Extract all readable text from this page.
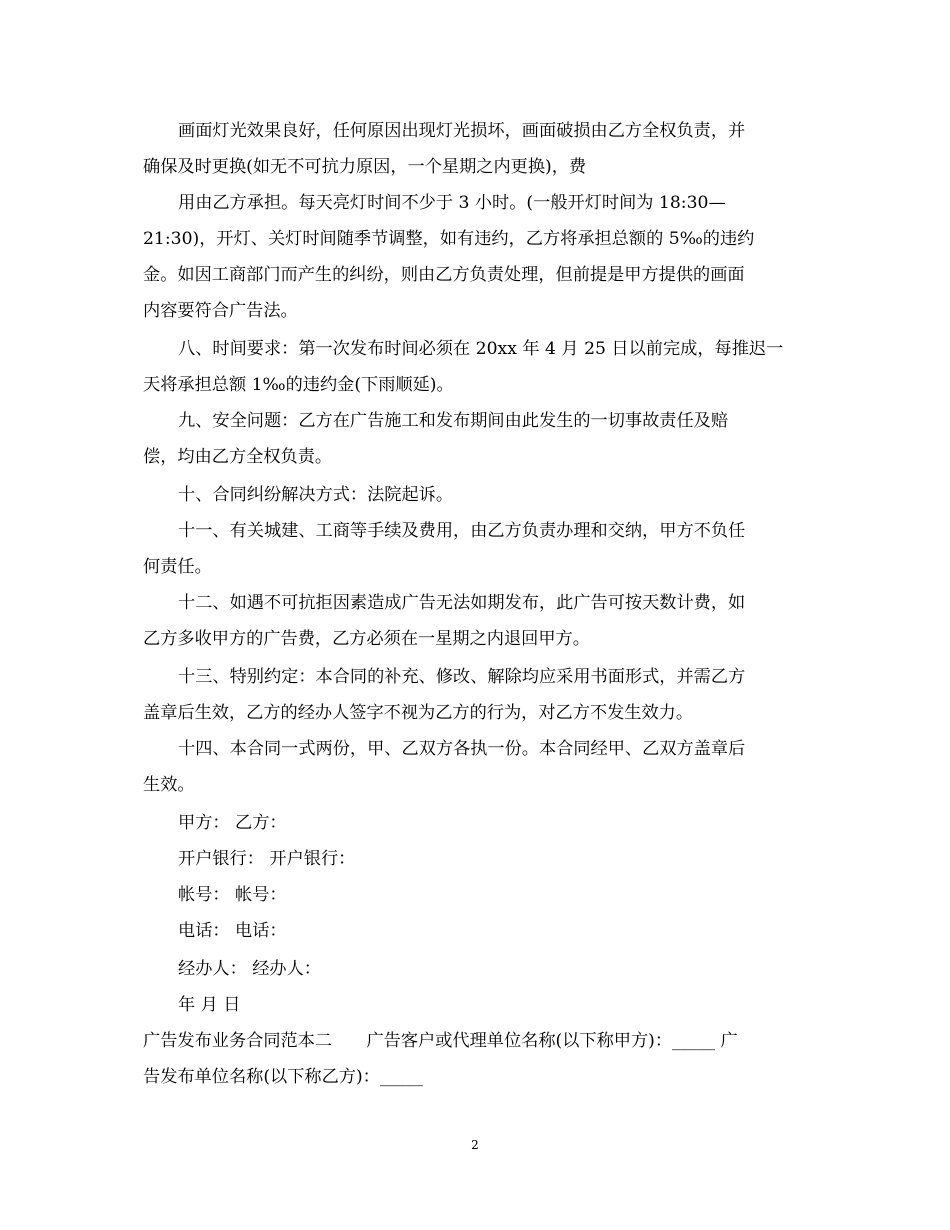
画面灯光效果良好，任何原因出现灯光损坏，画面破损由乙方全权负责，并
确保及时更换(如无不可抗力原因，一个星期之内更换)，费
用由乙方承担。每天亮灯时间不少于 3 小时。(一般开灯时间为 18:30—
21:30)，开灯、关灯时间随季节调整，如有违约，乙方将承担总额的 5‰的违约
金。如因工商部门而产生的纠纷，则由乙方负责处理，但前提是甲方提供的画面
内容要符合广告法。
八、时间要求：第一次发布时间必须在 20xx 年 4 月 25 日以前完成，每推迟一
天将承担总额 1‰的违约金(下雨顺延)。
九、安全问题：乙方在广告施工和发布期间由此发生的一切事故责任及赔
偿，均由乙方全权负责。
十、合同纠纷解决方式：法院起诉。
十一、有关城建、工商等手续及费用，由乙方负责办理和交纳，甲方不负任
何责任。
十二、如遇不可抗拒因素造成广告无法如期发布，此广告可按天数计费，如
乙方多收甲方的广告费，乙方必须在一星期之内退回甲方。
十三、特别约定：本合同的补充、修改、解除均应采用书面形式，并需乙方
盖章后生效，乙方的经办人签字不视为乙方的行为，对乙方不发生效力。
十四、本合同一式两份，甲、乙双方各执一份。本合同经甲、乙双方盖章后
生效。
甲方： 乙方：
开户银行： 开户银行：
帐号： 帐号：
电话： 电话：
经办人： 经办人：
年 月 日
广告发布业务合同范本二　　广告客户或代理单位名称(以下称甲方)：_____ 广
告发布单位名称(以下称乙方)：_____
2
